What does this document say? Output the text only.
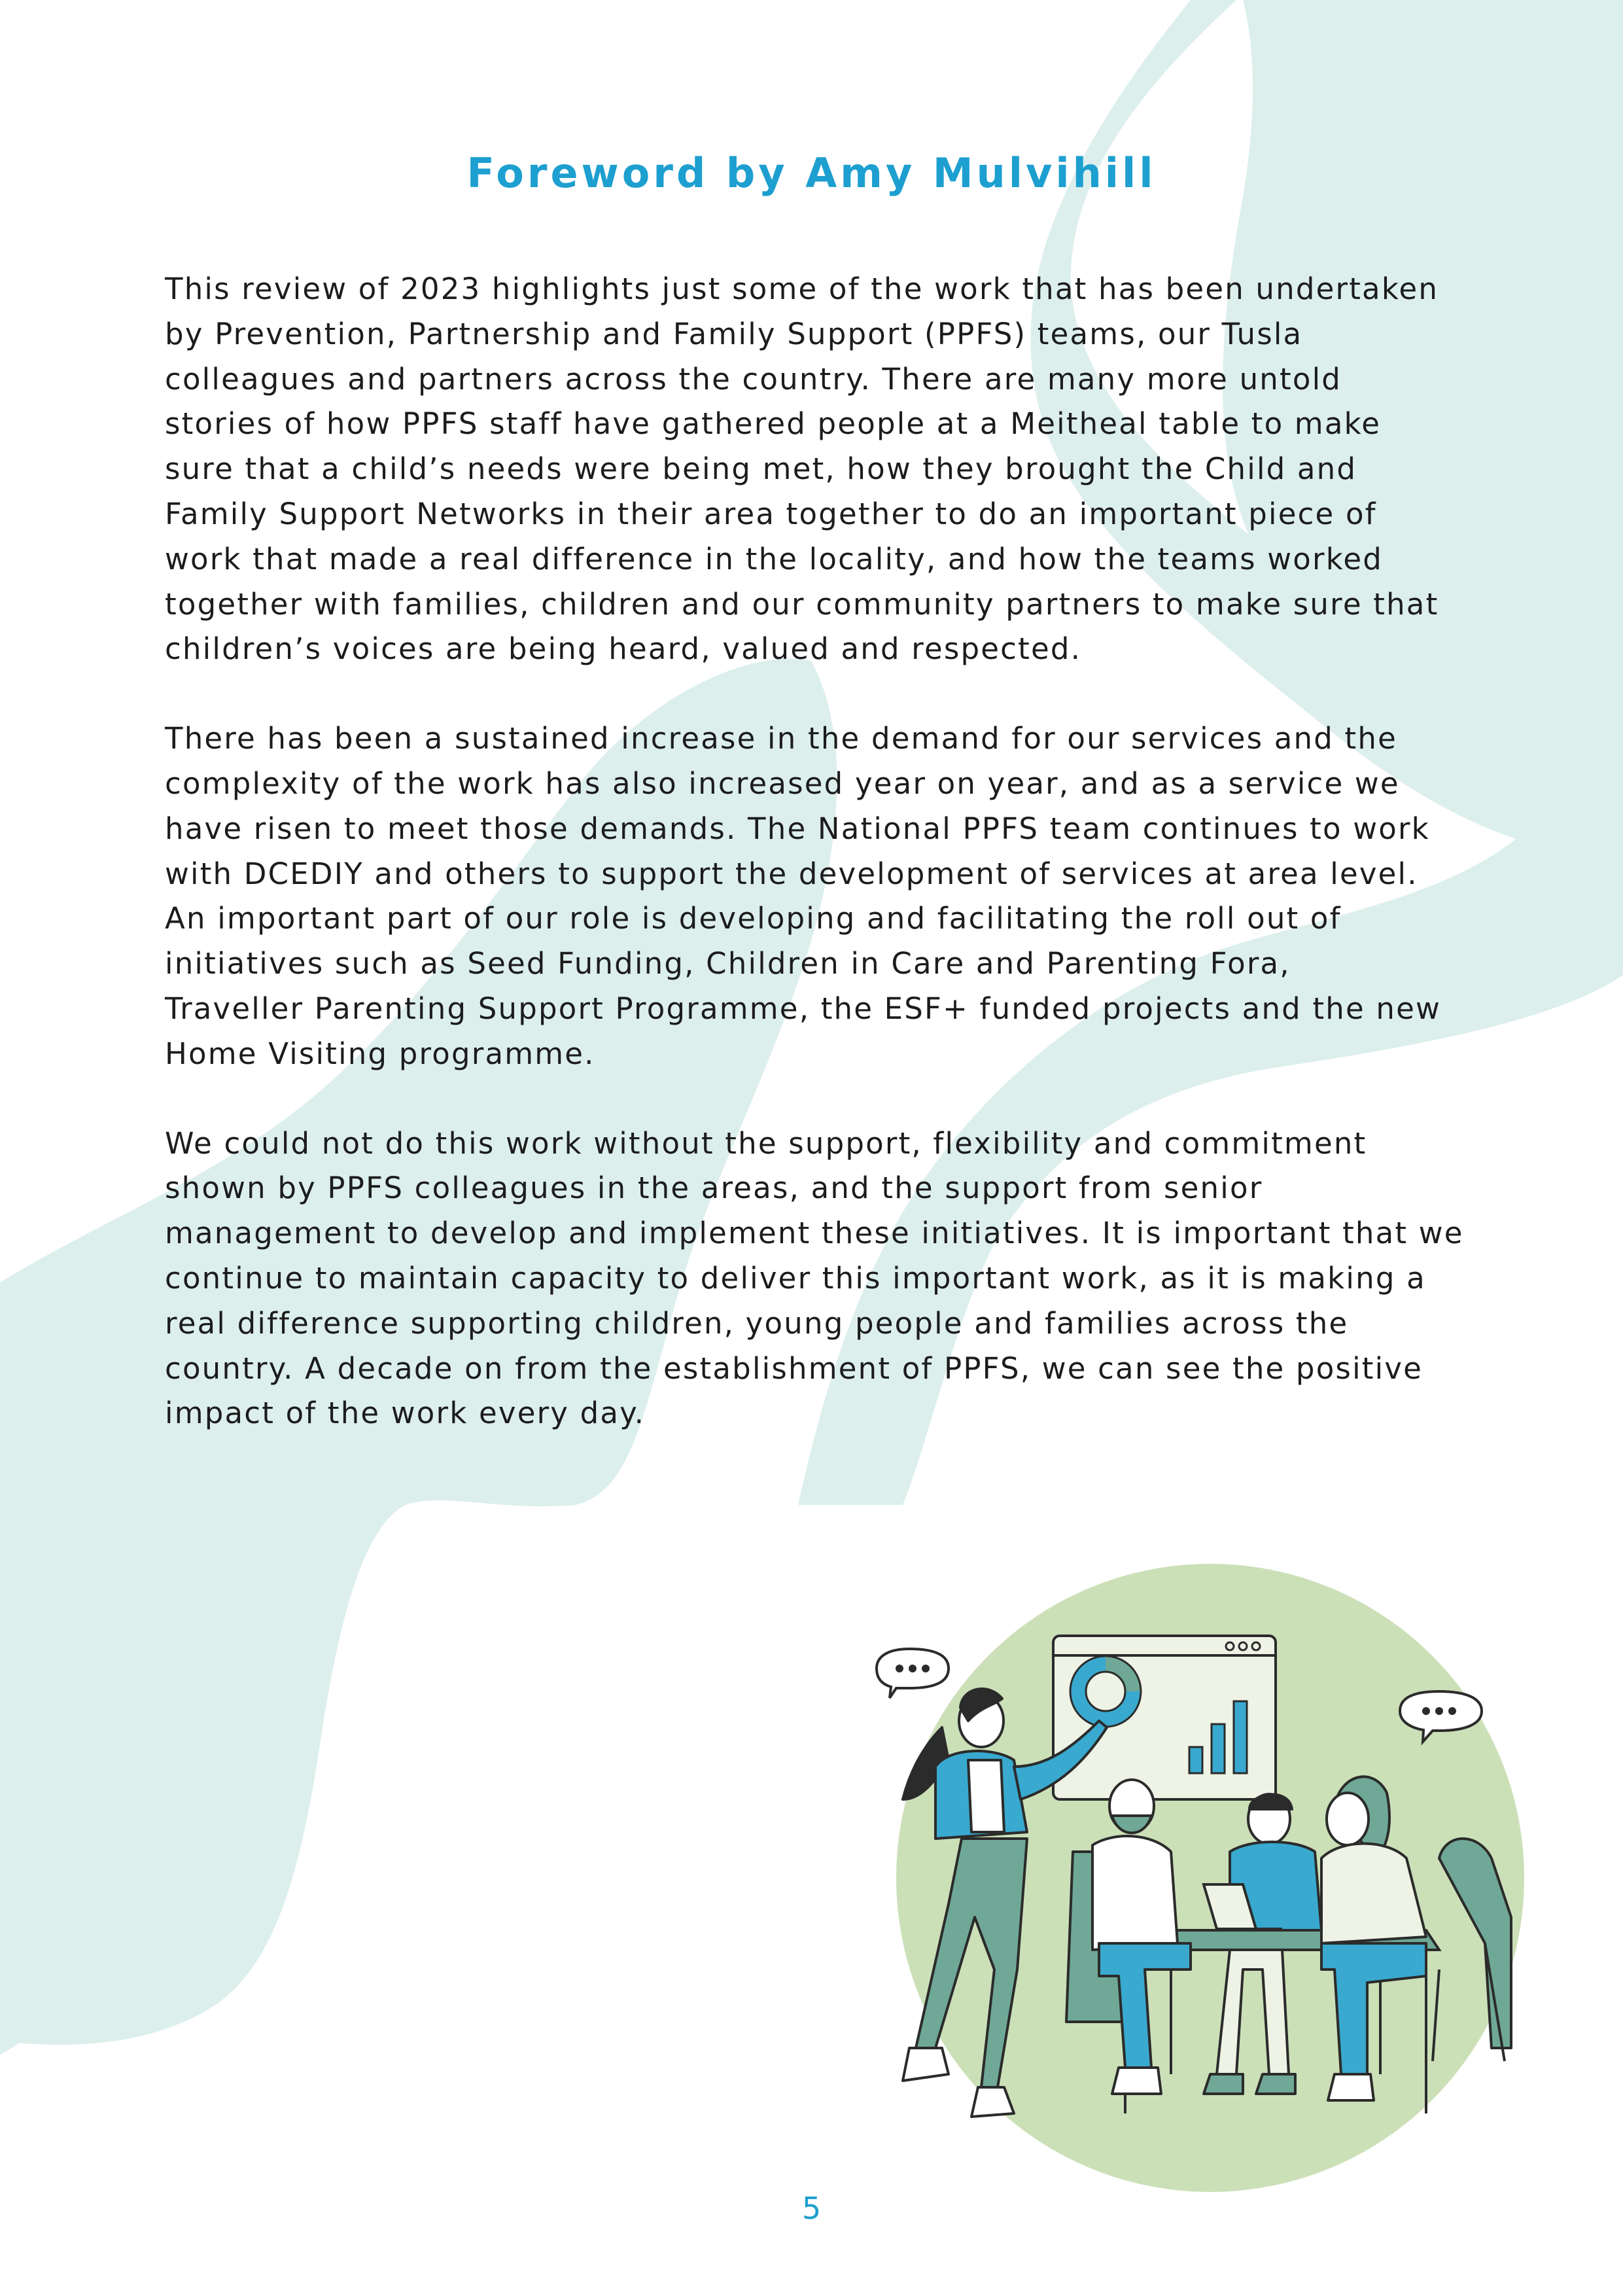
Foreword by Amy Mulvihill

This review of 2023 highlights just some of the work that has been undertaken
by Prevention, Partnership and Family Support (PPFS) teams, our Tusla
colleagues and partners across the country. There are many more untold
stories of how PPFS staff have gathered people at a Meitheal table to make
sure that a child’s needs were being met, how they brought the Child and
Family Support Networks in their area together to do an important piece of
work that made a real difference in the locality, and how the teams worked
together with families, children and our community partners to make sure that
children’s voices are being heard, valued and respected.

There has been a sustained increase in the demand for our services and the
complexity of the work has also increased year on year, and as a service we
have risen to meet those demands. The National PPFS team continues to work
with DCEDIY and others to support the development of services at area level.
An important part of our role is developing and facilitating the roll out of
initiatives such as Seed Funding, Children in Care and Parenting Fora,
Traveller Parenting Support Programme, the ESF+ funded projects and the new
Home Visiting programme.

We could not do this work without the support, flexibility and commitment
shown by PPFS colleagues in the areas, and the support from senior
management to develop and implement these initiatives. It is important that we
continue to maintain capacity to deliver this important work, as it is making a
real difference supporting children, young people and families across the
country. A decade on from the establishment of PPFS, we can see the positive
impact of the work every day.

5
